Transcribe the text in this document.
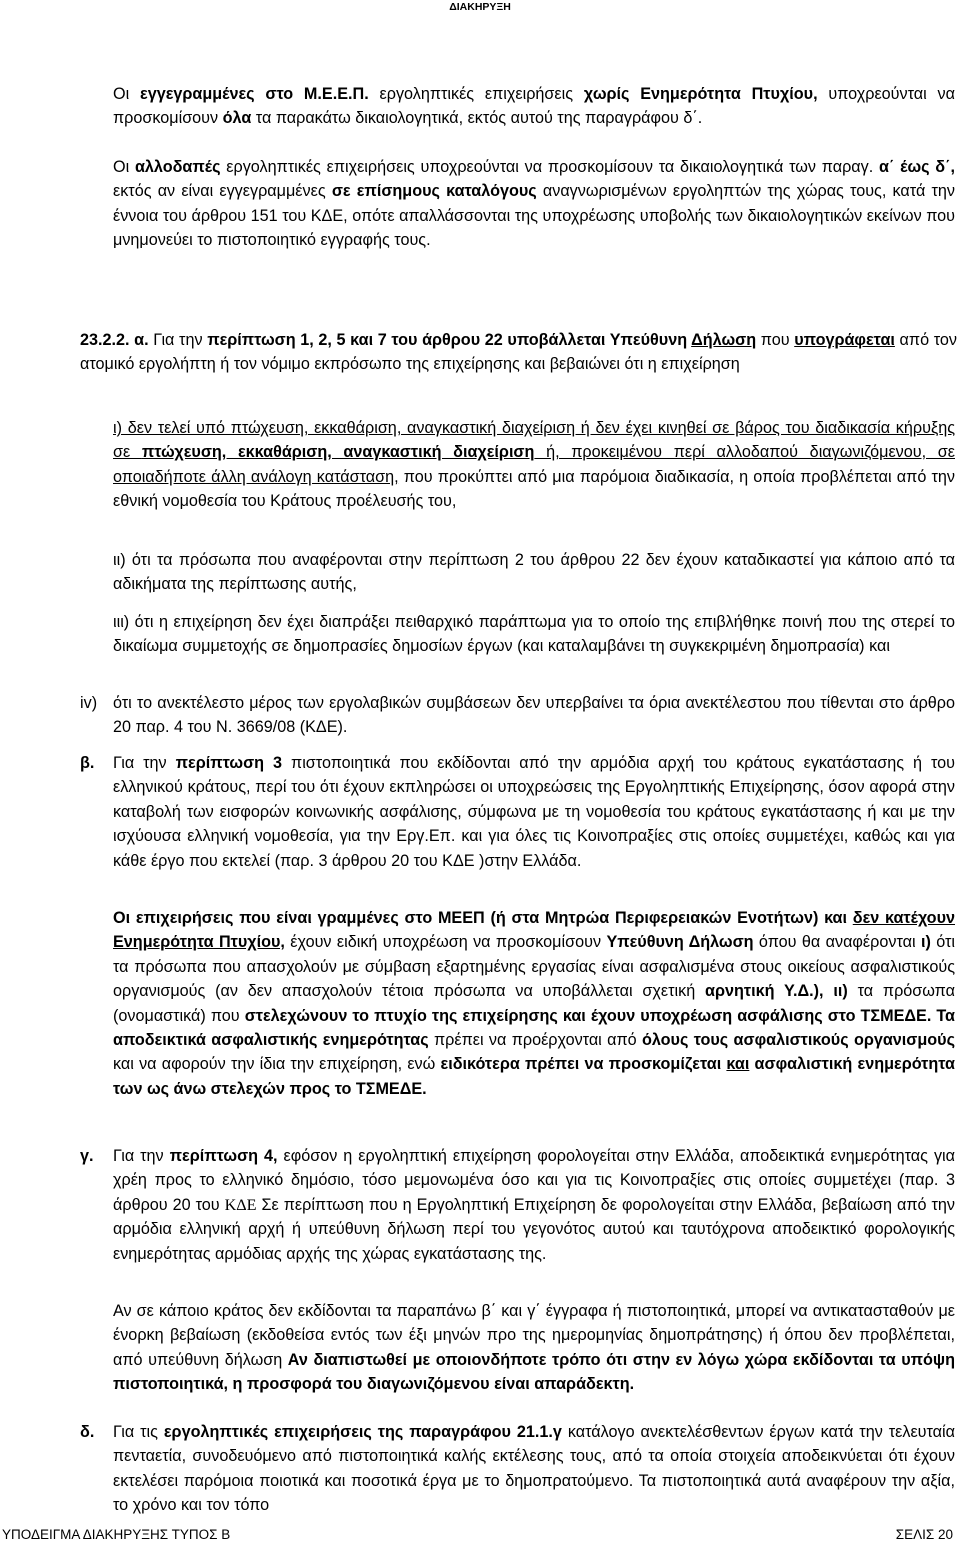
ΔΙΑΚΗΡΥΞΗ

Οι εγγεγραμμένες στο Μ.Ε.Ε.Π. εργοληπτικές επιχειρήσεις χωρίς Ενημερότητα Πτυχίου, υποχρεούνται να προσκομίσουν όλα τα παρακάτω δικαιολογητικά, εκτός αυτού της παραγράφου δ΄.

Οι αλλοδαπές εργοληπτικές επιχειρήσεις υποχρεούνται να προσκομίσουν τα δικαιολογητικά των παραγ. α΄ έως δ΄, εκτός αν είναι εγγεγραμμένες σε επίσημους καταλόγους αναγνωρισμένων εργοληπτών της χώρας τους, κατά την έννοια του άρθρου 151 του ΚΔΕ, οπότε απαλλάσσονται της υποχρέωσης υποβολής των δικαιολογητικών εκείνων που μνημονεύει το πιστοποιητικό εγγραφής τους.

23.2.2. α. Για την περίπτωση 1, 2, 5 και 7 του άρθρου 22 υποβάλλεται Υπεύθυνη Δήλωση που υπογράφεται από τον ατομικό εργολήπτη ή τον νόμιμο εκπρόσωπο της επιχείρησης και βεβαιώνει ότι η επιχείρηση

ι) δεν τελεί υπό πτώχευση, εκκαθάριση, αναγκαστική διαχείριση ή δεν έχει κινηθεί σε βάρος του διαδικασία κήρυξης σε πτώχευση, εκκαθάριση, αναγκαστική διαχείριση ή, προκειμένου περί αλλοδαπού διαγωνιζόμενου, σε οποιαδήποτε άλλη ανάλογη κατάσταση, που προκύπτει από μια παρόμοια διαδικασία, η οποία προβλέπεται από την εθνική νομοθεσία του Κράτους προέλευσής του,

ιι) ότι τα πρόσωπα που αναφέρονται στην περίπτωση 2 του άρθρου 22 δεν έχουν καταδικαστεί για κάποιο από τα αδικήματα της περίπτωσης αυτής,

ιιι) ότι η επιχείρηση δεν έχει διαπράξει πειθαρχικό παράπτωμα για το οποίο της επιβλήθηκε ποινή που της στερεί το δικαίωμα συμμετοχής σε δημοπρασίες δημοσίων έργων (και καταλαμβάνει τη συγκεκριμένη δημοπρασία) και

iv) ότι το ανεκτέλεστο μέρος των εργολαβικών συμβάσεων δεν υπερβαίνει τα όρια ανεκτέλεστου που τίθενται στο άρθρο 20 παρ. 4 του Ν. 3669/08 (ΚΔΕ).

β. Για την περίπτωση 3 πιστοποιητικά που εκδίδονται από την αρμόδια αρχή του κράτους εγκατάστασης ή του ελληνικού κράτους, περί του ότι έχουν εκπληρώσει οι υποχρεώσεις της Εργοληπτικής Επιχείρησης, όσον αφορά στην καταβολή των εισφορών κοινωνικής ασφάλισης, σύμφωνα με τη νομοθεσία του κράτους εγκατάστασης ή και με την ισχύουσα ελληνική νομοθεσία, για την Εργ.Επ. και για όλες τις Κοινοπραξίες στις οποίες συμμετέχει, καθώς και για κάθε έργο που εκτελεί (παρ. 3 άρθρου 20 του ΚΔΕ )στην Ελλάδα.

Οι επιχειρήσεις που είναι γραμμένες στο ΜΕΕΠ (ή στα Μητρώα Περιφερειακών Ενοτήτων) και δεν κατέχουν Ενημερότητα Πτυχίου, έχουν ειδική υποχρέωση να προσκομίσουν Υπεύθυνη Δήλωση όπου θα αναφέρονται ι) ότι τα πρόσωπα που απασχολούν με σύμβαση εξαρτημένης εργασίας είναι ασφαλισμένα στους οικείους ασφαλιστικούς οργανισμούς (αν δεν απασχολούν τέτοια πρόσωπα να υποβάλλεται σχετική αρνητική Υ.Δ.), ιι) τα πρόσωπα (ονομαστικά) που στελεχώνουν το πτυχίο της επιχείρησης και έχουν υποχρέωση ασφάλισης στο ΤΣΜΕΔΕ. Τα αποδεικτικά ασφαλιστικής ενημερότητας πρέπει να προέρχονται από όλους τους ασφαλιστικούς οργανισμούς και να αφορούν την ίδια την επιχείρηση, ενώ ειδικότερα πρέπει να προσκομίζεται και ασφαλιστική ενημερότητα των ως άνω στελεχών προς το ΤΣΜΕΔΕ.

γ. Για την περίπτωση 4, εφόσον η εργοληπτική επιχείρηση φορολογείται στην Ελλάδα, αποδεικτικά ενημερότητας για χρέη προς το ελληνικό δημόσιο, τόσο μεμονωμένα όσο και για τις Κοινοπραξίες στις οποίες συμμετέχει (παρ. 3 άρθρου 20 του ΚΔΕ Σε περίπτωση που η Εργοληπτική Επιχείρηση δε φορολογείται στην Ελλάδα, βεβαίωση από την αρμόδια ελληνική αρχή ή υπεύθυνη δήλωση περί του γεγονότος αυτού και ταυτόχρονα αποδεικτικό φορολογικής ενημερότητας αρμόδιας αρχής της χώρας εγκατάστασης της.

Αν σε κάποιο κράτος δεν εκδίδονται τα παραπάνω β΄ και γ΄ έγγραφα ή πιστοποιητικά, μπορεί να αντικατασταθούν με ένορκη βεβαίωση (εκδοθείσα εντός των έξι μηνών προ της ημερομηνίας δημοπράτησης) ή όπου δεν προβλέπεται, από υπεύθυνη δήλωση Αν διαπιστωθεί με οποιονδήποτε τρόπο ότι στην εν λόγω χώρα εκδίδονται τα υπόψη πιστοποιητικά, η προσφορά του διαγωνιζόμενου είναι απαράδεκτη.

δ. Για τις εργοληπτικές επιχειρήσεις της παραγράφου 21.1.γ κατάλογο ανεκτελέσθεντων έργων κατά την τελευταία πενταετία, συνοδευόμενο από πιστοποιητικά καλής εκτέλεσης τους, από τα οποία στοιχεία αποδεικνύεται ότι έχουν εκτελέσει παρόμοια ποιοτικά και ποσοτικά έργα με το δημοπρατούμενο. Τα πιστοποιητικά αυτά αναφέρουν την αξία, το χρόνο και τον τόπο

ΥΠΟΔΕΙΓΜΑ ΔΙΑΚΗΡΥΞΗΣ ΤΥΠΟΣ Β	ΣΕΛΙΣ 20
